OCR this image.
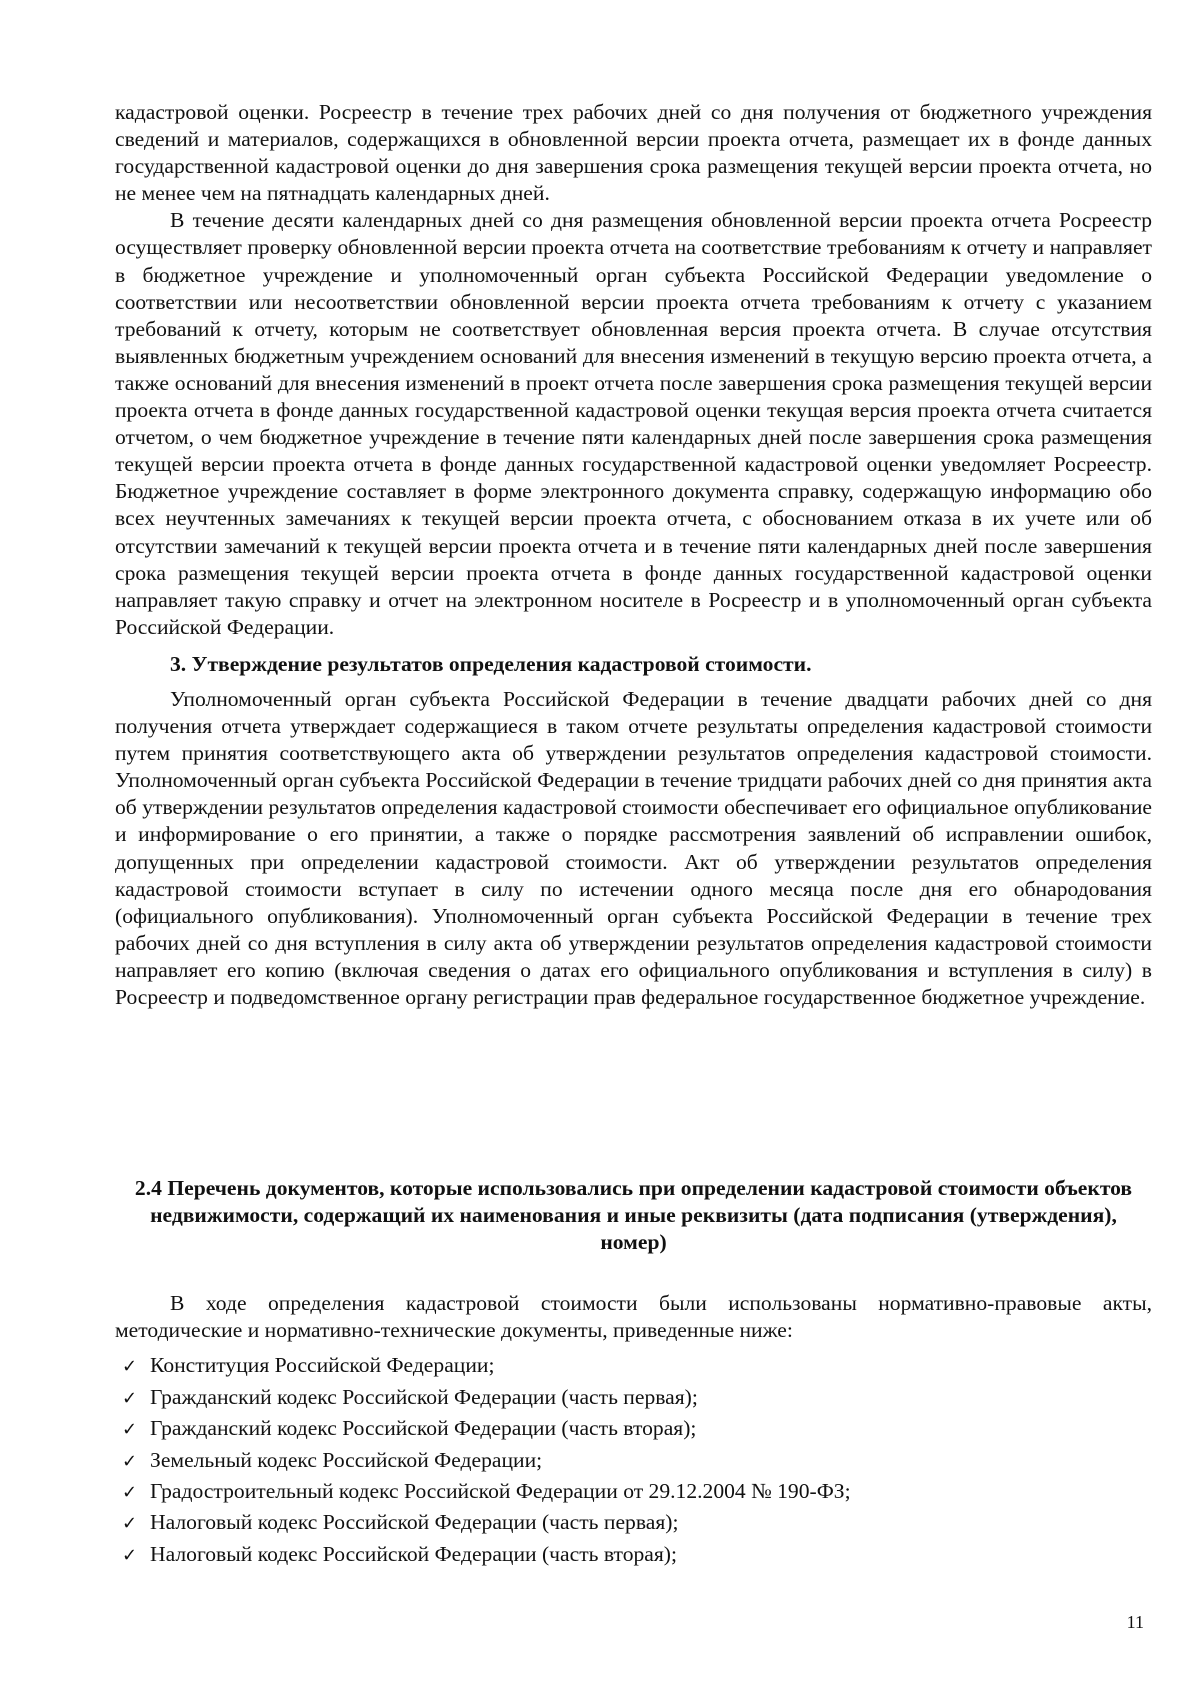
кадастровой оценки. Росреестр в течение трех рабочих дней со дня получения от бюджетного учреждения сведений и материалов, содержащихся в обновленной версии проекта отчета, размещает их в фонде данных государственной кадастровой оценки до дня завершения срока размещения текущей версии проекта отчета, но не менее чем на пятнадцать календарных дней.

В течение десяти календарных дней со дня размещения обновленной версии проекта отчета Росреестр осуществляет проверку обновленной версии проекта отчета на соответствие требованиям к отчету и направляет в бюджетное учреждение и уполномоченный орган субъекта Российской Федерации уведомление о соответствии или несоответствии обновленной версии проекта отчета требованиям к отчету с указанием требований к отчету, которым не соответствует обновленная версия проекта отчета. В случае отсутствия выявленных бюджетным учреждением оснований для внесения изменений в текущую версию проекта отчета, а также оснований для внесения изменений в проект отчета после завершения срока размещения текущей версии проекта отчета в фонде данных государственной кадастровой оценки текущая версия проекта отчета считается отчетом, о чем бюджетное учреждение в течение пяти календарных дней после завершения срока размещения текущей версии проекта отчета в фонде данных государственной кадастровой оценки уведомляет Росреестр. Бюджетное учреждение составляет в форме электронного документа справку, содержащую информацию обо всех неучтенных замечаниях к текущей версии проекта отчета, с обоснованием отказа в их учете или об отсутствии замечаний к текущей версии проекта отчета и в течение пяти календарных дней после завершения срока размещения текущей версии проекта отчета в фонде данных государственной кадастровой оценки направляет такую справку и отчет на электронном носителе в Росреестр и в уполномоченный орган субъекта Российской Федерации.

3. Утверждение результатов определения кадастровой стоимости.

Уполномоченный орган субъекта Российской Федерации в течение двадцати рабочих дней со дня получения отчета утверждает содержащиеся в таком отчете результаты определения кадастровой стоимости путем принятия соответствующего акта об утверждении результатов определения кадастровой стоимости. Уполномоченный орган субъекта Российской Федерации в течение тридцати рабочих дней со дня принятия акта об утверждении результатов определения кадастровой стоимости обеспечивает его официальное опубликование и информирование о его принятии, а также о порядке рассмотрения заявлений об исправлении ошибок, допущенных при определении кадастровой стоимости. Акт об утверждении результатов определения кадастровой стоимости вступает в силу по истечении одного месяца после дня его обнародования (официального опубликования). Уполномоченный орган субъекта Российской Федерации в течение трех рабочих дней со дня вступления в силу акта об утверждении результатов определения кадастровой стоимости направляет его копию (включая сведения о датах его официального опубликования и вступления в силу) в Росреестр и подведомственное органу регистрации прав федеральное государственное бюджетное учреждение.

2.4 Перечень документов, которые использовались при определении кадастровой стоимости объектов недвижимости, содержащий их наименования и иные реквизиты (дата подписания (утверждения), номер)

В ходе определения кадастровой стоимости были использованы нормативно-правовые акты, методические и нормативно-технические документы, приведенные ниже:

✓ Конституция Российской Федерации;
✓ Гражданский кодекс Российской Федерации (часть первая);
✓ Гражданский кодекс Российской Федерации (часть вторая);
✓ Земельный кодекс Российской Федерации;
✓ Градостроительный кодекс Российской Федерации от 29.12.2004 № 190-ФЗ;
✓ Налоговый кодекс Российской Федерации (часть первая);
✓ Налоговый кодекс Российской Федерации (часть вторая);
11
